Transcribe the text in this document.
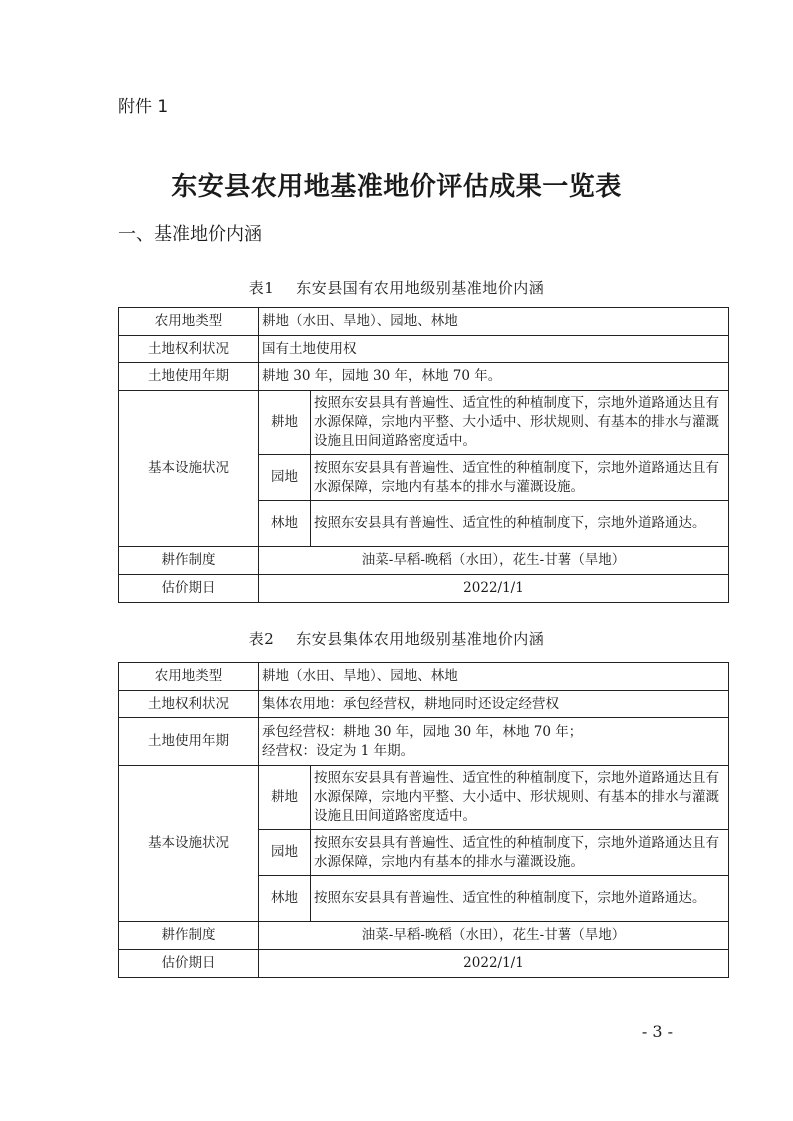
附件 1
东安县农用地基准地价评估成果一览表
一、基准地价内涵
表1 东安县国有农用地级别基准地价内涵
农用地类型	耕地（水田、旱地）、园地、林地	
土地权利状况	国有土地使用权	
土地使用年期	耕地 30 年，园地 30 年，林地 70 年。	
基本设施状况	耕地	按照东安县具有普遍性、适宜性的种植制度下，宗地外道路通达且有水源保障，宗地内平整、大小适中、形状规则、有基本的排水与灌溉设施且田间道路密度适中。
	园地	按照东安县具有普遍性、适宜性的种植制度下，宗地外道路通达且有水源保障，宗地内有基本的排水与灌溉设施。
	林地	按照东安县具有普遍性、适宜性的种植制度下，宗地外道路通达。
耕作制度	油菜-早稻-晚稻（水田），花生-甘薯（旱地）	
估价期日	2022/1/1	
表2 东安县集体农用地级别基准地价内涵
农用地类型	耕地（水田、旱地）、园地、林地	
土地权利状况	集体农用地：承包经营权，耕地同时还设定经营权	
土地使用年期	承包经营权：耕地 30 年，园地 30 年，林地 70 年；
经营权：设定为 1 年期。	

基本设施状况	耕地	按照东安县具有普遍性、适宜性的种植制度下，宗地外道路通达且有水源保障，宗地内平整、大小适中、形状规则、有基本的排水与灌溉设施且田间道路密度适中。
	园地	按照东安县具有普遍性、适宜性的种植制度下，宗地外道路通达且有水源保障，宗地内有基本的排水与灌溉设施。
	林地	按照东安县具有普遍性、适宜性的种植制度下，宗地外道路通达。
耕作制度	油菜-早稻-晚稻（水田），花生-甘薯（旱地）	
估价期日	2022/1/1	
- 3 -
